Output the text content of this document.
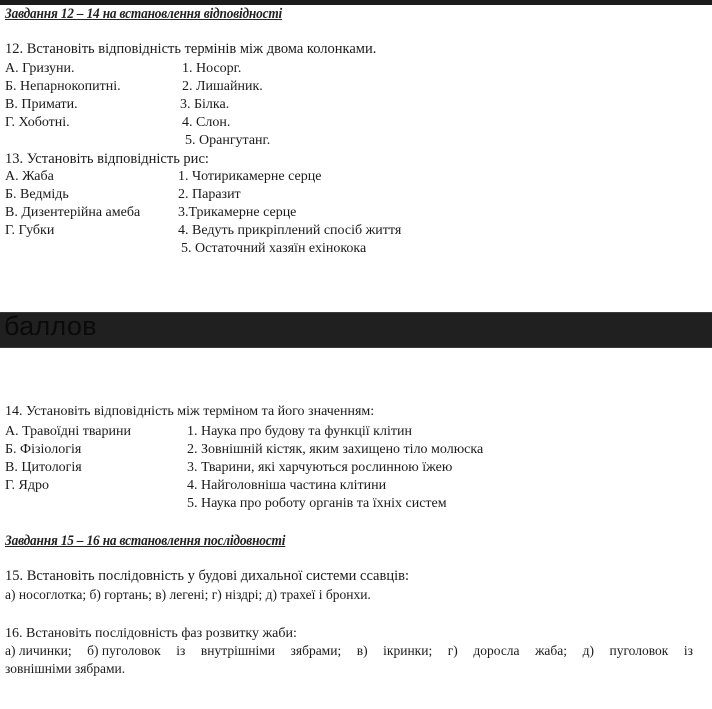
Завдання 12 – 14 на встановлення відповідності
12. Встановіть відповідність термінів між двома колонками.
А. Гризуни.
Б. Непарнокопитні.
В. Примати.
Г. Хоботні.
1. Носорг.
2. Лишайник.
3. Білка.
4. Слон.
5. Орангутанг.
13. Установіть відповідність рис:
А. Жаба
Б. Ведмідь
В. Дизентерійна амеба
Г. Губки
1. Чотирикамерне серце
2. Паразит
3.Трикамерне серце
4. Ведуть прикріплений спосіб життя
5. Остаточний хазяїн ехінокока
баллов
14. Установіть відповідність між терміном та його значенням:
А. Травоїдні тварини
Б. Фізіологія
В. Цитологія
Г. Ядро
1. Наука про будову та функції клітин
2. Зовнішній кістяк, яким захищено тіло молюска
3. Тварини, які харчуються рослинною їжею
4. Найголовніша частина клітини
5. Наука про роботу органів та їхніх систем
Завдання 15 – 16 на встановлення послідовності
15. Встановіть послідовність у будові дихальної системи ссавців:
а) носоглотка; б) гортань; в) легені; г) ніздрі; д) трахеї і бронхи.
16. Встановіть послідовність фаз розвитку жаби:
а) личинки; б) пуголовок із внутрішніми зябрами; в) ікринки; г) доросла жаба; д) пуголовок із
зовнішніми зябрами.
